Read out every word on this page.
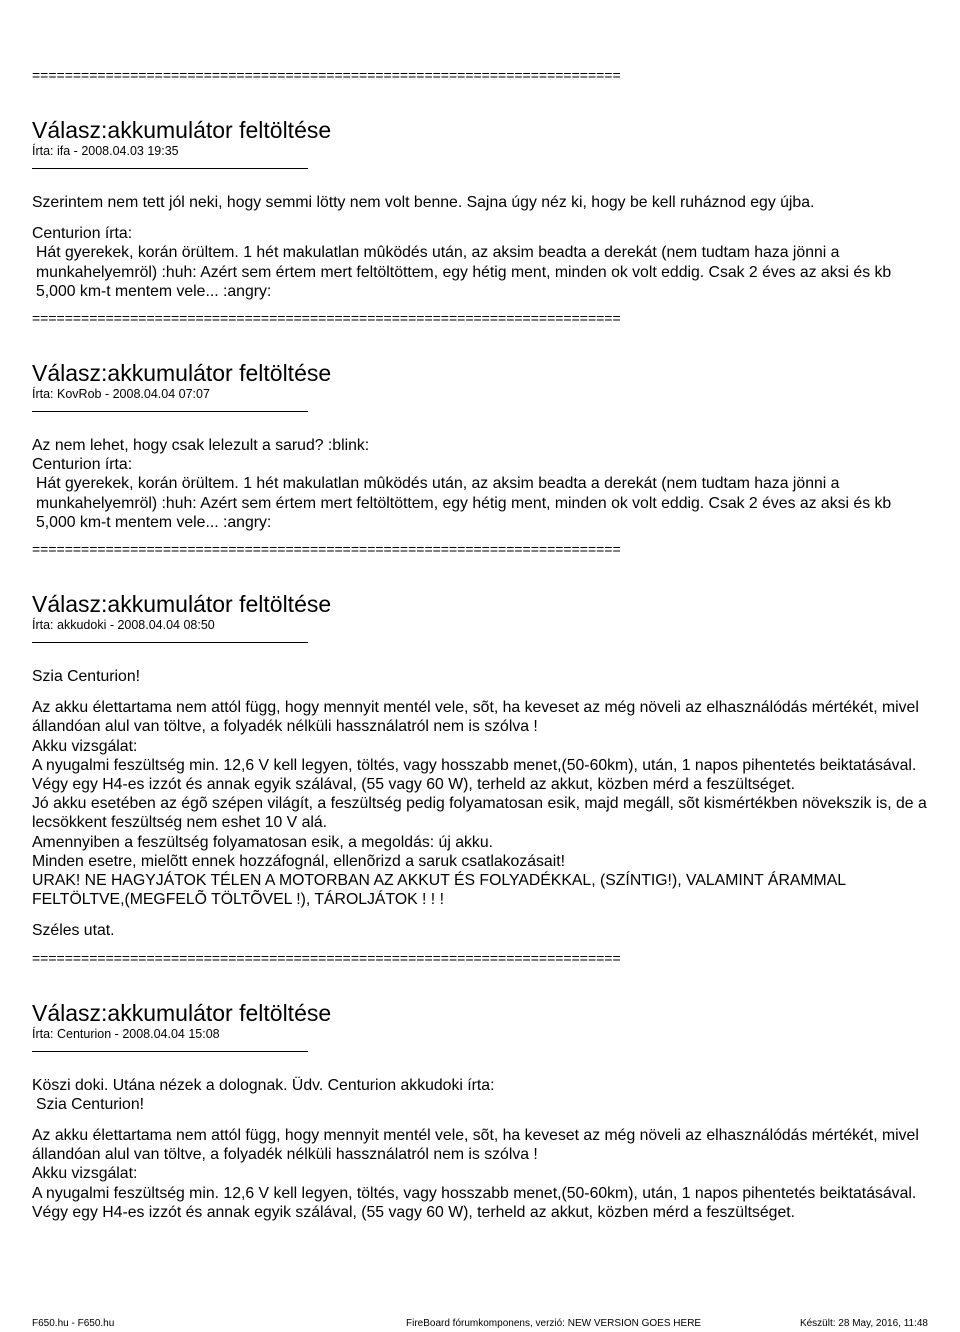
========================================================================
Válasz:akkumulátor feltöltése
Írta: ifa - 2008.04.03 19:35

Szerintem nem tett jól neki, hogy semmi lötty nem volt benne. Sajna úgy néz ki, hogy be kell ruháznod egy újba.

Centurion írta:

Hát gyerekek, korán örültem. 1 hét makulatlan mûködés után, az aksim beadta a derekát (nem tudtam haza jönni a munkahelyemröl) :huh: Azért sem értem mert feltöltöttem, egy hétig ment, minden ok volt eddig. Csak 2 éves az aksi és kb 5,000 km-t mentem vele... :angry:

========================================================================
Válasz:akkumulátor feltöltése
Írta: KovRob - 2008.04.04 07:07

Az nem lehet, hogy csak lelezult a sarud? :blink:

Centurion írta:

Hát gyerekek, korán örültem. 1 hét makulatlan mûködés után, az aksim beadta a derekát (nem tudtam haza jönni a munkahelyemröl) :huh: Azért sem értem mert feltöltöttem, egy hétig ment, minden ok volt eddig. Csak 2 éves az aksi és kb 5,000 km-t mentem vele... :angry:

========================================================================
Válasz:akkumulátor feltöltése
Írta: akkudoki - 2008.04.04 08:50

Szia Centurion!

Az akku élettartama nem attól függ, hogy mennyit mentél vele, sõt, ha keveset az még növeli az elhasználódás mértékét, mivel állandóan alul van töltve, a folyadék nélküli hassználatról nem is szólva !

Akku vizsgálat:

A nyugalmi feszültség min. 12,6 V kell legyen, töltés, vagy hosszabb menet,(50-60km), után, 1 napos pihentetés beiktatásával.

Végy egy H4-es izzót és annak egyik szálával, (55 vagy 60 W), terheld az akkut, közben mérd a feszültséget.

Jó akku esetében az égõ szépen világít, a feszültség pedig folyamatosan esik, majd megáll, sõt kismértékben növekszik is, de a lecsökkent feszültség nem eshet 10 V alá.

Amennyiben a feszültség folyamatosan esik, a megoldás: új akku.

Minden esetre, mielõtt ennek hozzáfognál, ellenõrizd a saruk csatlakozásait!

URAK! NE HAGYJÁTOK TÉLEN A MOTORBAN AZ AKKUT ÉS FOLYADÉKKAL, (SZÍNTIG!), VALAMINT ÁRAMMAL FELTÖLTVE,(MEGFELÕ TÖLTÕVEL !), TÁROLJÁTOK ! ! !

Széles utat.

========================================================================
Válasz:akkumulátor feltöltése
Írta: Centurion - 2008.04.04 15:08

Köszi doki. Utána nézek a dolognak. Üdv. Centurion akkudoki írta:

Szia Centurion!

Az akku élettartama nem attól függ, hogy mennyit mentél vele, sõt, ha keveset az még növeli az elhasználódás mértékét, mivel állandóan alul van töltve, a folyadék nélküli hassználatról nem is szólva !

Akku vizsgálat:

A nyugalmi feszültség min. 12,6 V kell legyen, töltés, vagy hosszabb menet,(50-60km), után, 1 napos pihentetés beiktatásával.

Végy egy H4-es izzót és annak egyik szálával, (55 vagy 60 W), terheld az akkut, közben mérd a feszültséget.

F650.hu - F650.hu	FireBoard fórumkomponens, verzió: NEW VERSION GOES HERE	Készült: 28 May, 2016, 11:48
